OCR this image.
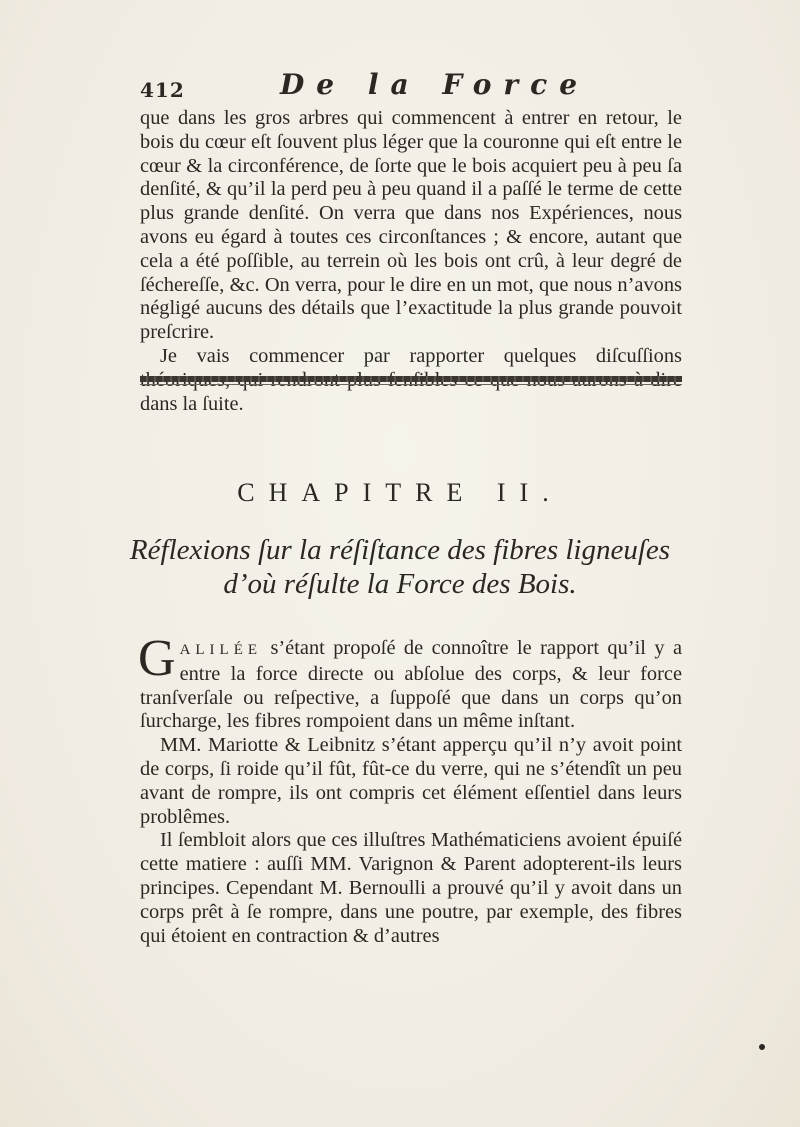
412	De la Force

que dans les gros arbres qui commencent à entrer en retour, le bois du cœur eſt ſouvent plus léger que la couronne qui eſt entre le cœur & la circonférence, de ſorte que le bois acquiert peu à peu ſa denſité, & qu’il la perd peu à peu quand il a paſſé le terme de cette plus grande denſité. On verra que dans nos Expériences, nous avons eu égard à toutes ces circonſtances ; & encore, autant que cela a été poſſible, au terrein où les bois ont crû, à leur degré de ſéchereſſe, &c. On verra, pour le dire en un mot, que nous n’avons négligé aucuns des détails que l’exactitude la plus grande pouvoit preſcrire.

Je vais commencer par rapporter quelques diſcuſſions dans la ſuite.

CHAPITRE II.
Réflexions ſur la réſiſtance des fibres ligneuſes
d’où réſulte la Force des Bois.

GALILÉE s’étant propoſé de connoître le rapport qu’il y a entre la force directe ou abſolue des corps, & leur force tranſverſale ou reſpective, a ſuppoſé que dans un corps qu’on ſurcharge, les fibres rompoient dans un même inſtant.

MM. Mariotte & Leibnitz s’étant apperçu qu’il n’y avoit point de corps, ſi roide qu’il fût, fût-ce du verre, qui ne s’étendît un peu avant de rompre, ils ont compris cet élément eſſentiel dans leurs problêmes.

Il ſembloit alors que ces illuſtres Mathématiciens avoient épuiſé cette matiere : auſſi MM. Varignon & Parent adopterent-ils leurs principes. Cependant M. Bernoulli a prouvé qu’il y avoit dans un corps prêt à ſe rompre, dans une poutre, par exemple, des fibres qui étoient en contraction & d’autres
